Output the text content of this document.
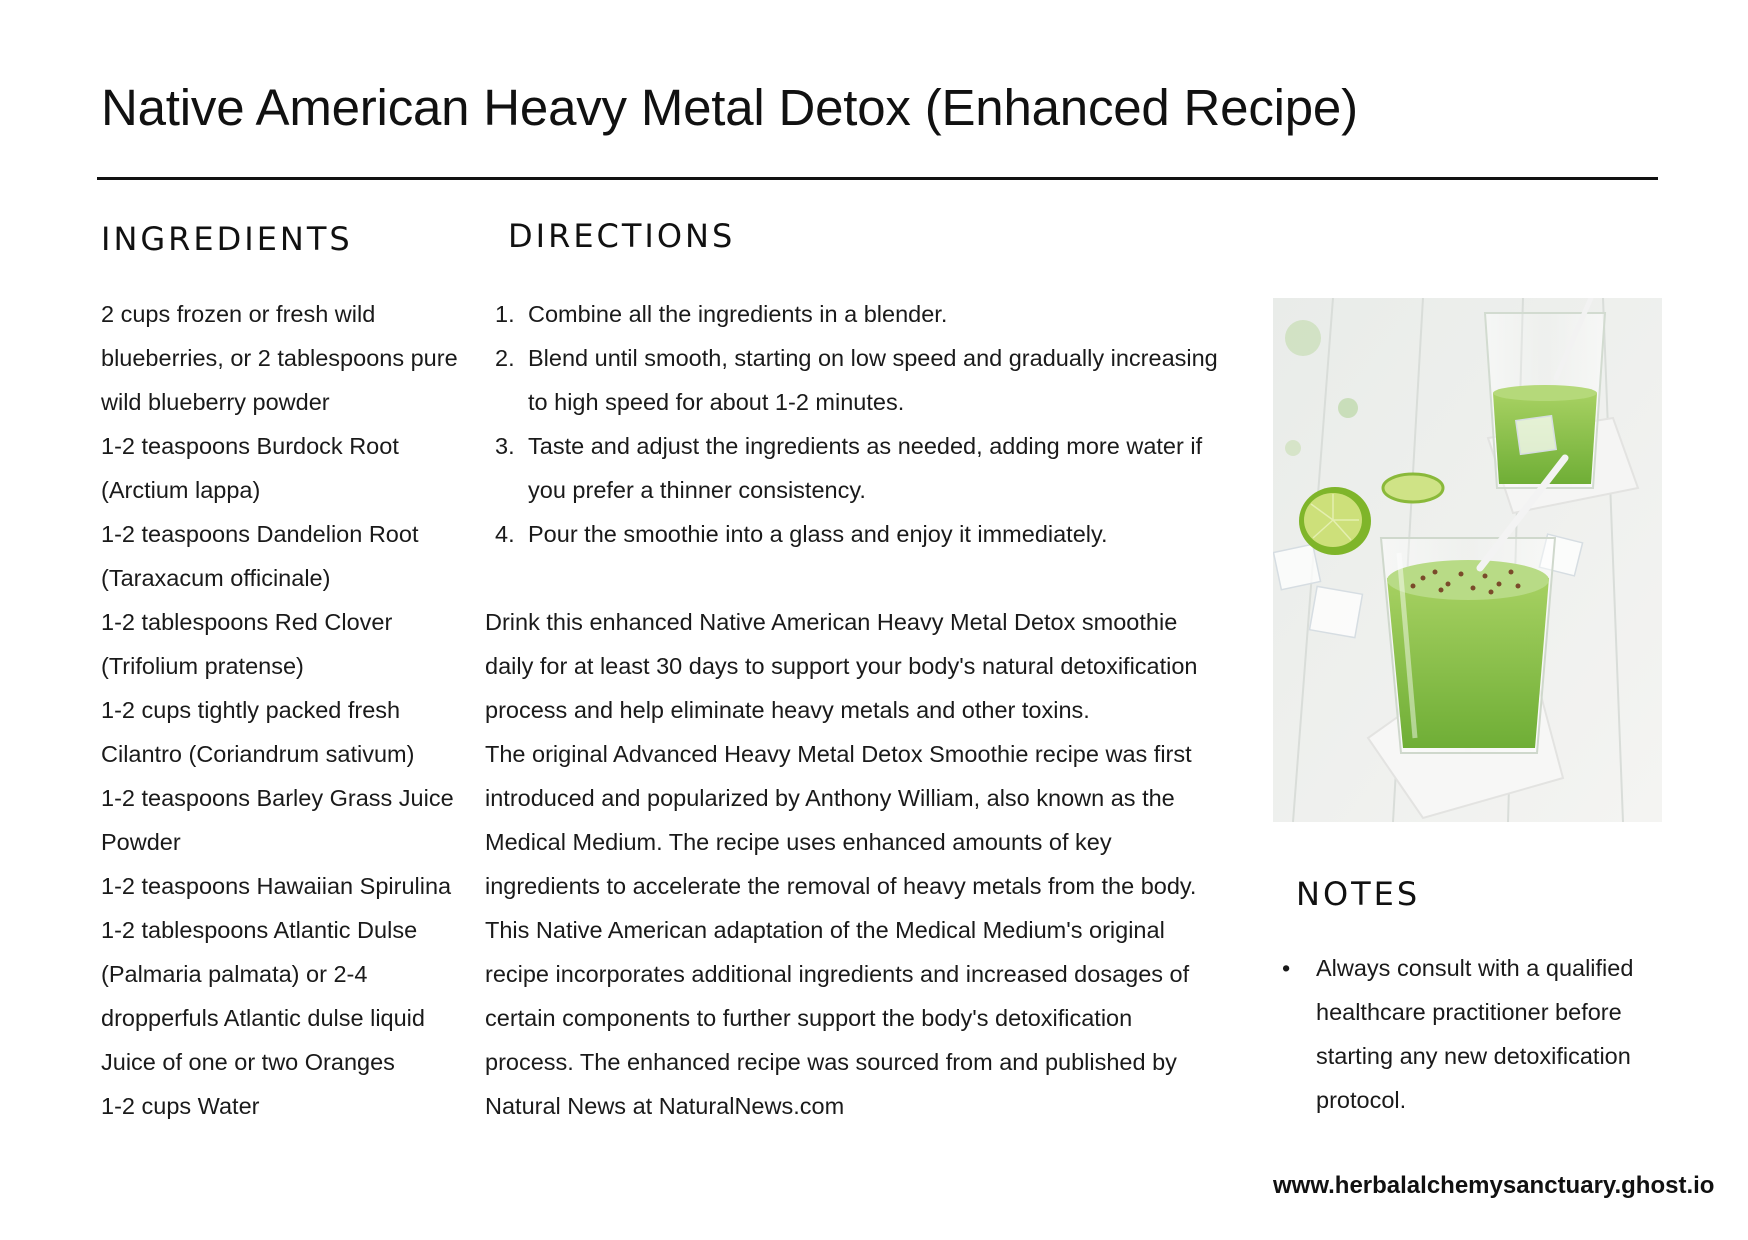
Native American Heavy Metal Detox (Enhanced Recipe)
INGREDIENTS
2 cups frozen or fresh wild blueberries, or 2 tablespoons pure wild blueberry powder
1-2 teaspoons Burdock Root (Arctium lappa)
1-2 teaspoons Dandelion Root (Taraxacum officinale)
1-2 tablespoons Red Clover (Trifolium pratense)
1-2 cups tightly packed fresh Cilantro (Coriandrum sativum)
1-2 teaspoons Barley Grass Juice Powder
1-2 teaspoons Hawaiian Spirulina
1-2 tablespoons Atlantic Dulse (Palmaria palmata) or 2-4 dropperfuls Atlantic dulse liquid
Juice of one or two Oranges
1-2 cups Water
DIRECTIONS
1. Combine all the ingredients in a blender.
2. Blend until smooth, starting on low speed and gradually increasing to high speed for about 1-2 minutes.
3. Taste and adjust the ingredients as needed, adding more water if you prefer a thinner consistency.
4. Pour the smoothie into a glass and enjoy it immediately.

Drink this enhanced Native American Heavy Metal Detox smoothie daily for at least 30 days to support your body's natural detoxification process and help eliminate heavy metals and other toxins.

The original Advanced Heavy Metal Detox Smoothie recipe was first introduced and popularized by Anthony William, also known as the Medical Medium. The recipe uses enhanced amounts of key ingredients to accelerate the removal of heavy metals from the body.

This Native American adaptation of the Medical Medium's original recipe incorporates additional ingredients and increased dosages of certain components to further support the body's detoxification process. The enhanced recipe was sourced from and published by Natural News at NaturalNews.com

NOTES
• Always consult with a qualified healthcare practitioner before starting any new detoxification protocol.
www.herbalalchemysanctuary.ghost.io
